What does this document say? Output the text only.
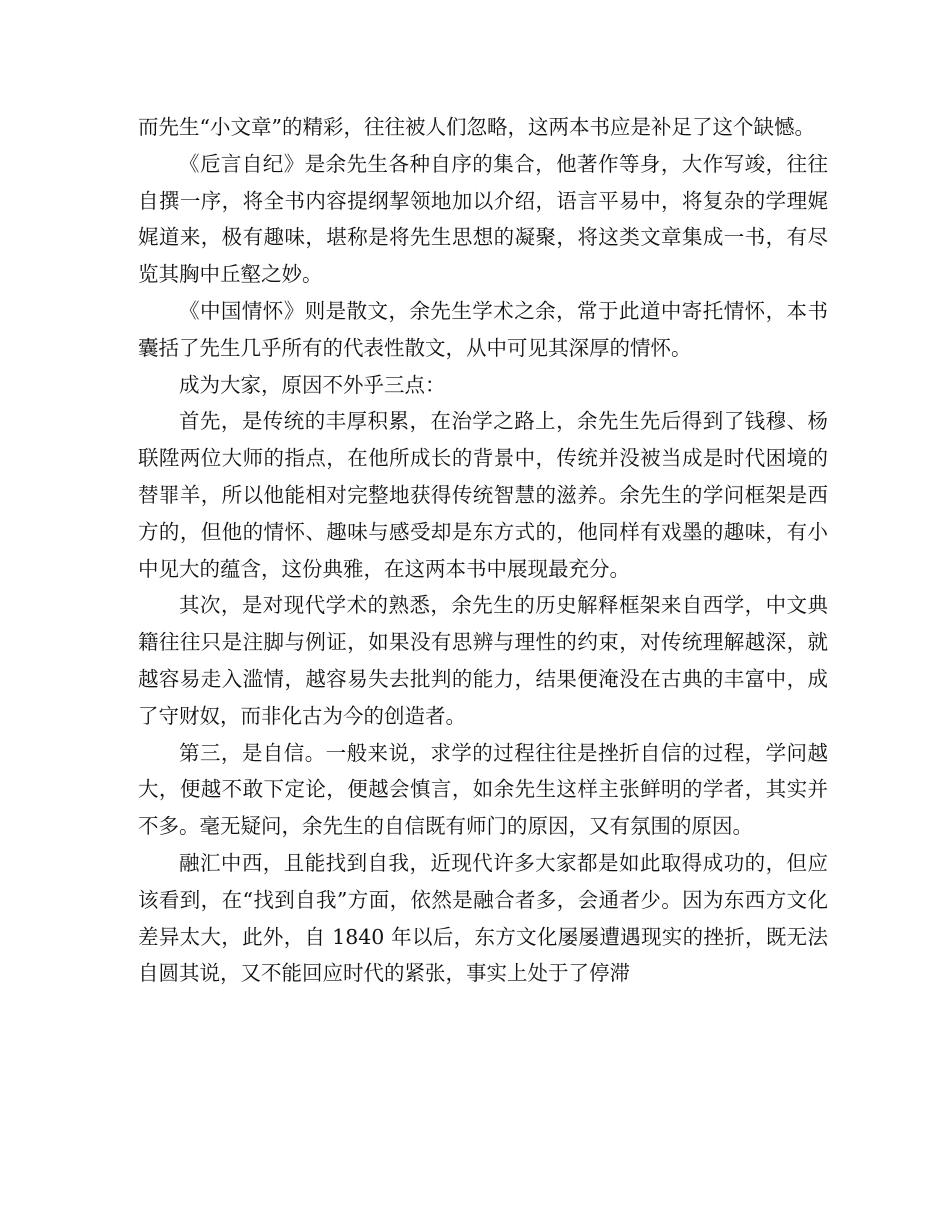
而先生“小文章”的精彩，往往被人们忽略，这两本书应是补足了这个缺憾。

《卮言自纪》是余先生各种自序的集合，他著作等身，大作写竣，往往自撰一序，将全书内容提纲挈领地加以介绍，语言平易中，将复杂的学理娓娓道来，极有趣味，堪称是将先生思想的凝聚，将这类文章集成一书，有尽览其胸中丘壑之妙。

《中国情怀》则是散文，余先生学术之余，常于此道中寄托情怀，本书囊括了先生几乎所有的代表性散文，从中可见其深厚的情怀。

成为大家，原因不外乎三点：

首先，是传统的丰厚积累，在治学之路上，余先生先后得到了钱穆、杨联陞两位大师的指点，在他所成长的背景中，传统并没被当成是时代困境的替罪羊，所以他能相对完整地获得传统智慧的滋养。余先生的学问框架是西方的，但他的情怀、趣味与感受却是东方式的，他同样有戏墨的趣味，有小中见大的蕴含，这份典雅，在这两本书中展现最充分。

其次，是对现代学术的熟悉，余先生的历史解释框架来自西学，中文典籍往往只是注脚与例证，如果没有思辨与理性的约束，对传统理解越深，就越容易走入滥情，越容易失去批判的能力，结果便淹没在古典的丰富中，成了守财奴，而非化古为今的创造者。

第三，是自信。一般来说，求学的过程往往是挫折自信的过程，学问越大，便越不敢下定论，便越会慎言，如余先生这样主张鲜明的学者，其实并不多。毫无疑问，余先生的自信既有师门的原因，又有氛围的原因。

融汇中西，且能找到自我，近现代许多大家都是如此取得成功的，但应该看到，在“找到自我”方面，依然是融合者多，会通者少。因为东西方文化差异太大，此外，自 1840 年以后，东方文化屡屡遭遇现实的挫折，既无法自圆其说，又不能回应时代的紧张，事实上处于了停滞
